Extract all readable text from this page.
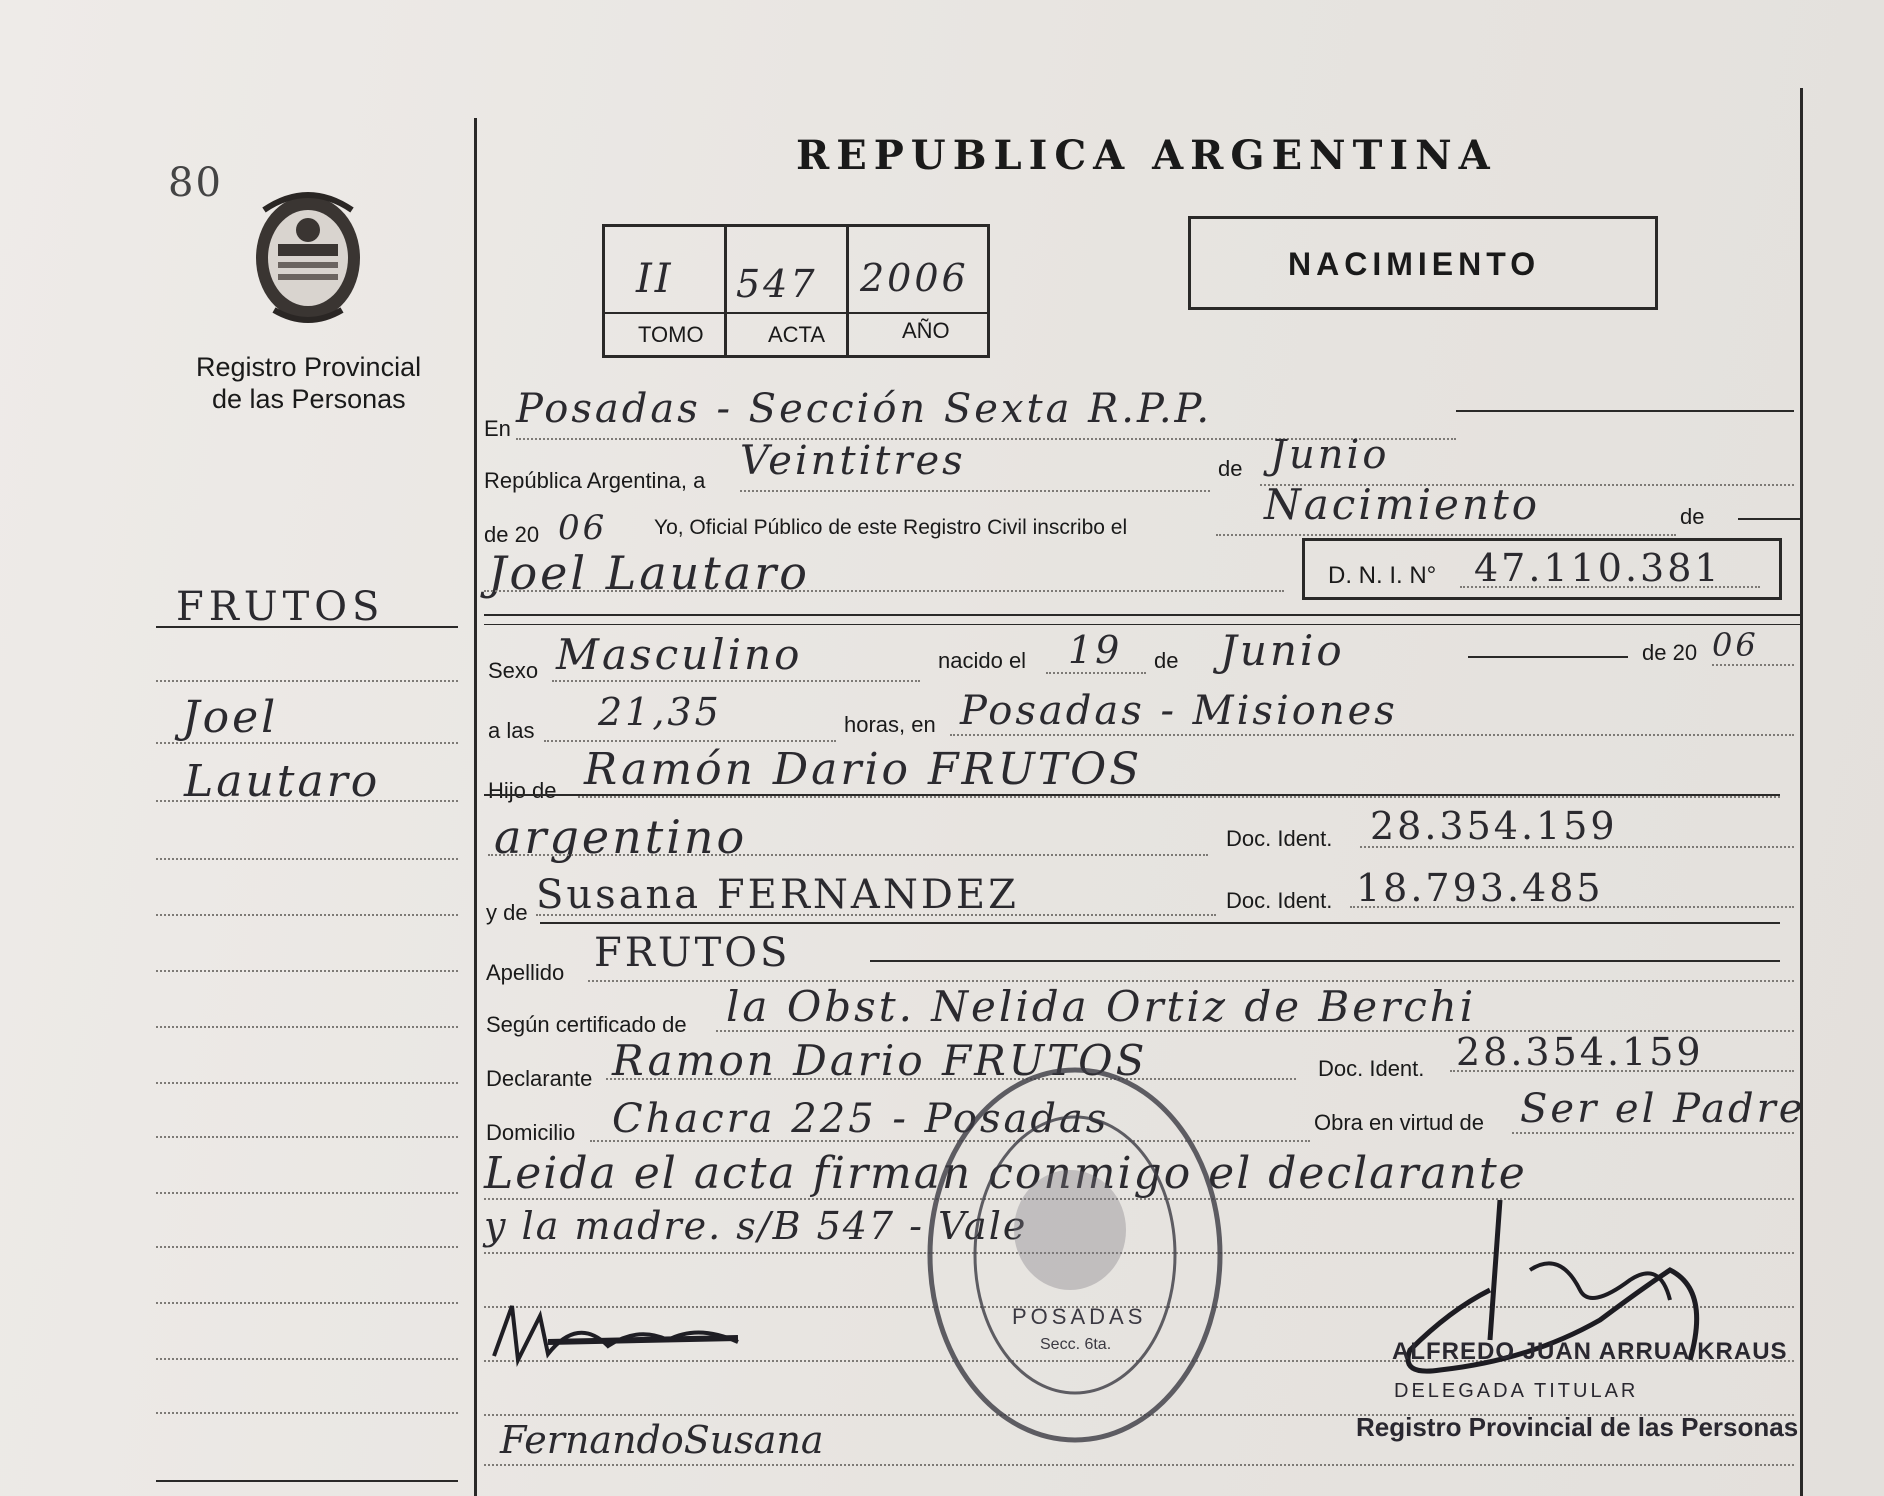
80
Registro Provincial
de las Personas
FRUTOS
Joel
Lautaro
REPUBLICA ARGENTINA
II 547 2006
TOMO	ACTA	AÑO
NACIMIENTO
En Posadas - Sección Sexta R.P.P.
República Argentina, a Veintitres	de Junio
de 20 06 Yo, Oficial Público de este Registro Civil inscribo el	Nacimiento	de
Joel Lautaro	D. N. I. N° 47.110.381
Sexo Masculino	nacido el 19 de Junio	de 20 06
a las 21,35	horas, en Posadas - Misiones
Hijo de Ramón Dario FRUTOS
argentino	Doc. Ident. 28.354.159
y de Susana FERNANDEZ	Doc. Ident. 18.793.485
Apellido FRUTOS
Según certificado de la Obst. Nelida Ortiz de Berchi
Declarante Ramon Dario FRUTOS	Doc. Ident. 28.354.159
Domicilio Chacra 225 - Posadas	Obra en virtud de Ser el Padre
Leida el acta firman conmigo el declarante
y la madre. s/B 547 - Vale
FernandoSusana
POSADAS
Secc. 6ta.	ALFREDO JUAN ARRUA KRAUS
DELEGADA TITULAR
Registro Provincial de las Personas
